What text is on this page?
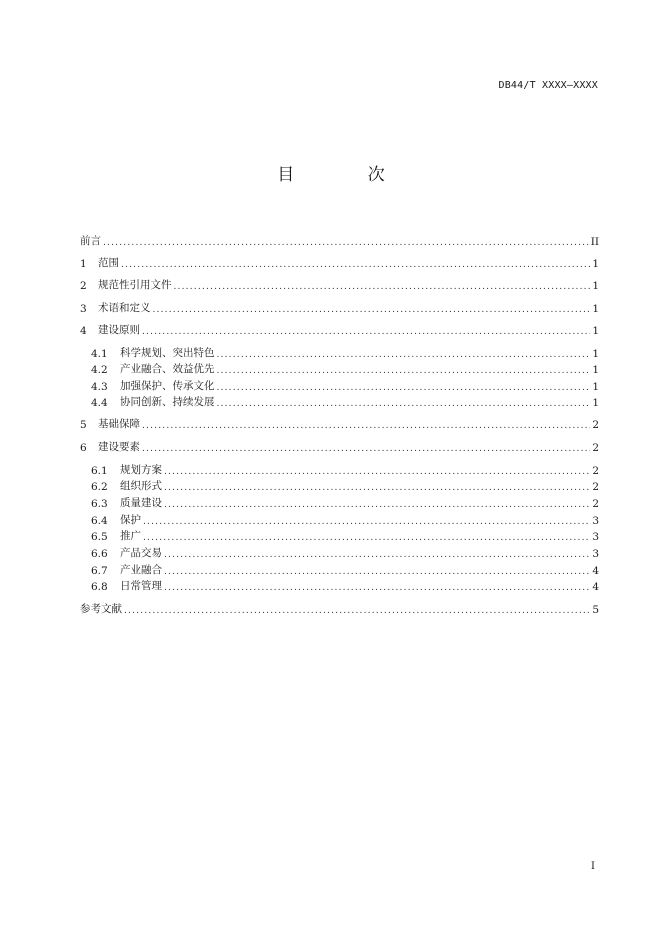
DB44/T XXXX—XXXX
目 次
前言 .....	II
1	范围 .....	1
2	规范性引用文件 .....	1
3	术语和定义 .....	1
4	建设原则 .....	1
4.1	科学规划、突出特色 .....	1
4.2	产业融合、效益优先 .....	1
4.3	加强保护、传承文化 .....	1
4.4	协同创新、持续发展 .....	1
5	基础保障 .....	2
6	建设要素 .....	2
6.1	规划方案 .....	2
6.2	组织形式 .....	2
6.3	质量建设 .....	2
6.4	保护 .....	3
6.5	推广 .....	3
6.6	产品交易 .....	3
6.7	产业融合 .....	4
6.8	日常管理 .....	4
参考文献 .....	5
I
